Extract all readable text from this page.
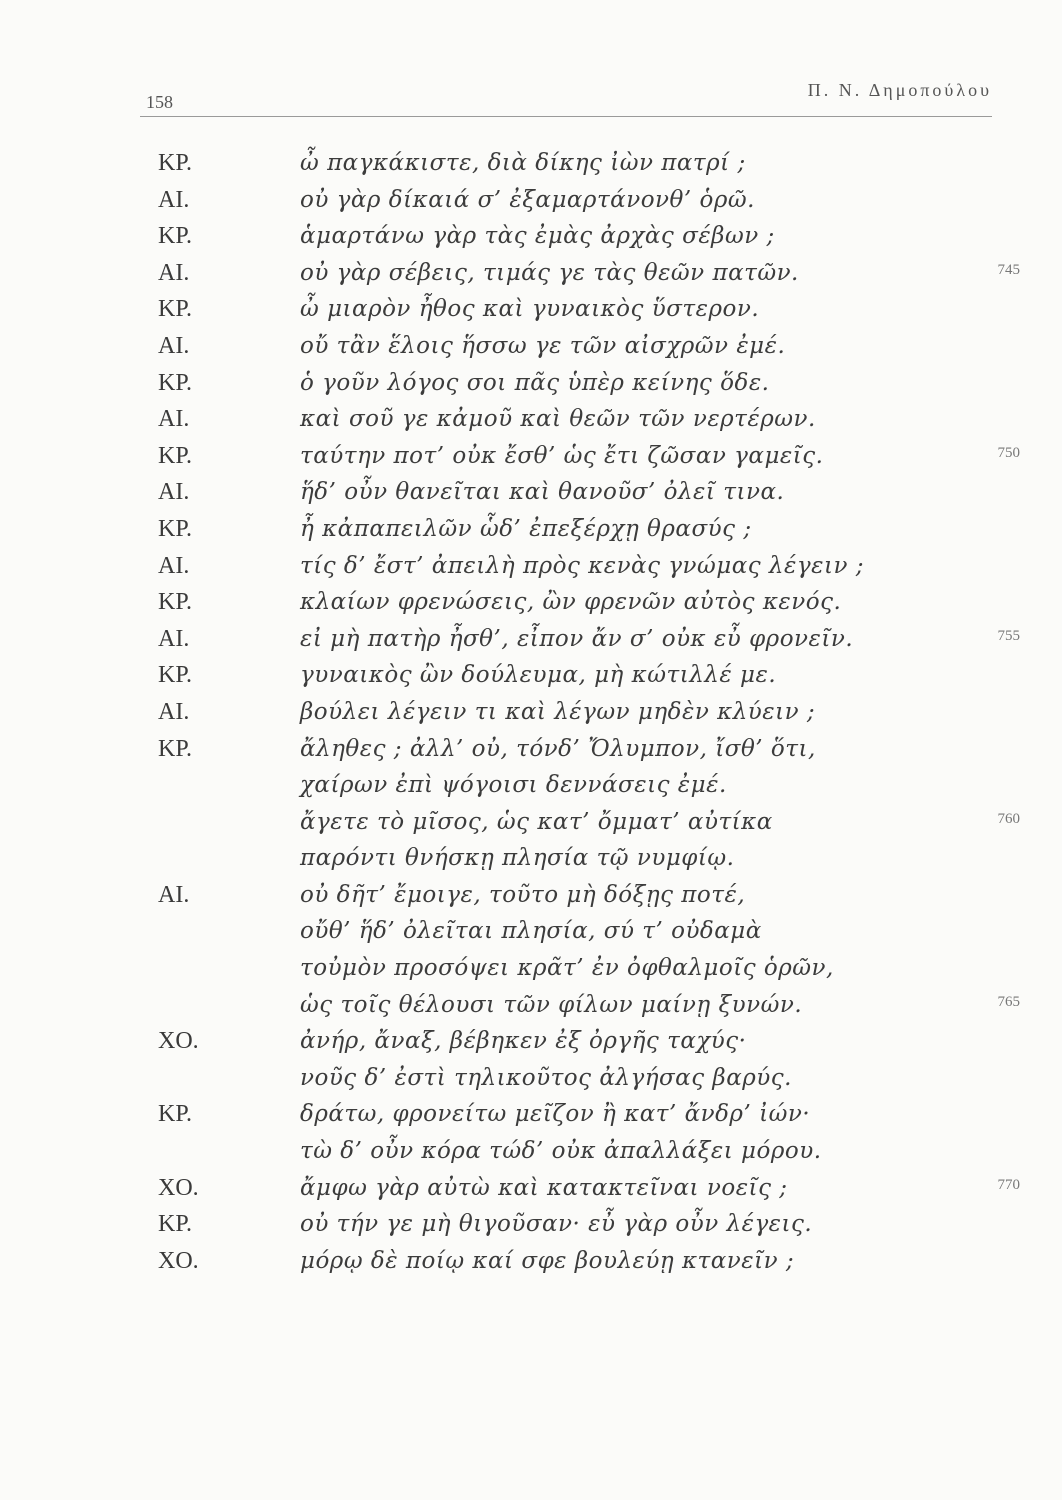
158
Π. Ν. Δημοπούλου
ΚΡ.	ὦ παγκάκιστε, διὰ δίκης ἰὼν πατρί ;
ΑΙ.	οὐ γὰρ δίκαιά σ’ ἐξαμαρτάνονθ’ ὁρῶ.
ΚΡ.	ἁμαρτάνω γὰρ τὰς ἐμὰς ἀρχὰς σέβων ;
ΑΙ.	οὐ γὰρ σέβεις, τιμάς γε τὰς θεῶν πατῶν.	745
ΚΡ.	ὦ μιαρὸν ἦθος καὶ γυναικὸς ὕστερον.
ΑΙ.	οὔ τἂν ἕλοις ἥσσω γε τῶν αἰσχρῶν ἐμέ.
ΚΡ.	ὁ γοῦν λόγος σοι πᾶς ὑπὲρ κείνης ὅδε.
ΑΙ.	καὶ σοῦ γε κἀμοῦ καὶ θεῶν τῶν νερτέρων.
ΚΡ.	ταύτην ποτ’ οὐκ ἔσθ’ ὡς ἔτι ζῶσαν γαμεῖς.	750
ΑΙ.	ἥδ’ οὖν θανεῖται καὶ θανοῦσ’ ὀλεῖ τινα.
ΚΡ.	ἦ κἀπαπειλῶν ὧδ’ ἐπεξέρχῃ θρασύς ;
ΑΙ.	τίς δ’ ἔστ’ ἀπειλὴ πρὸς κενὰς γνώμας λέγειν ;
ΚΡ.	κλαίων φρενώσεις, ὢν φρενῶν αὐτὸς κενός.
ΑΙ.	εἰ μὴ πατὴρ ἦσθ’, εἶπον ἄν σ’ οὐκ εὖ φρονεῖν.	755
ΚΡ.	γυναικὸς ὢν δούλευμα, μὴ κώτιλλέ με.
ΑΙ.	βούλει λέγειν τι καὶ λέγων μηδὲν κλύειν ;
ΚΡ.	ἄληθες ; ἀλλ’ οὐ, τόνδ’ Ὄλυμπον, ἴσθ’ ὅτι,
χαίρων ἐπὶ ψόγοισι δεννάσεις ἐμέ.
ἄγετε τὸ μῖσος, ὡς κατ’ ὄμματ’ αὐτίκα	760
παρόντι θνήσκῃ πλησία τῷ νυμφίῳ.
ΑΙ.	οὐ δῆτ’ ἔμοιγε, τοῦτο μὴ δόξῃς ποτέ,
οὔθ’ ἥδ’ ὀλεῖται πλησία, σύ τ’ οὐδαμὰ
τοὐμὸν προσόψει κρᾶτ’ ἐν ὀφθαλμοῖς ὁρῶν,
ὡς τοῖς θέλουσι τῶν φίλων μαίνῃ ξυνών.	765
ΧΟ.	ἀνήρ, ἄναξ, βέβηκεν ἐξ ὀργῆς ταχύς·
νοῦς δ’ ἐστὶ τηλικοῦτος ἀλγήσας βαρύς.
ΚΡ.	δράτω, φρονείτω μεῖζον ἢ κατ’ ἄνδρ’ ἰών·
τὼ δ’ οὖν κόρα τώδ’ οὐκ ἀπαλλάξει μόρου.
ΧΟ.	ἄμφω γὰρ αὐτὼ καὶ κατακτεῖναι νοεῖς ;	770
ΚΡ.	οὐ τήν γε μὴ θιγοῦσαν· εὖ γὰρ οὖν λέγεις.
ΧΟ.	μόρῳ δὲ ποίῳ καί σφε βουλεύῃ κτανεῖν ;
